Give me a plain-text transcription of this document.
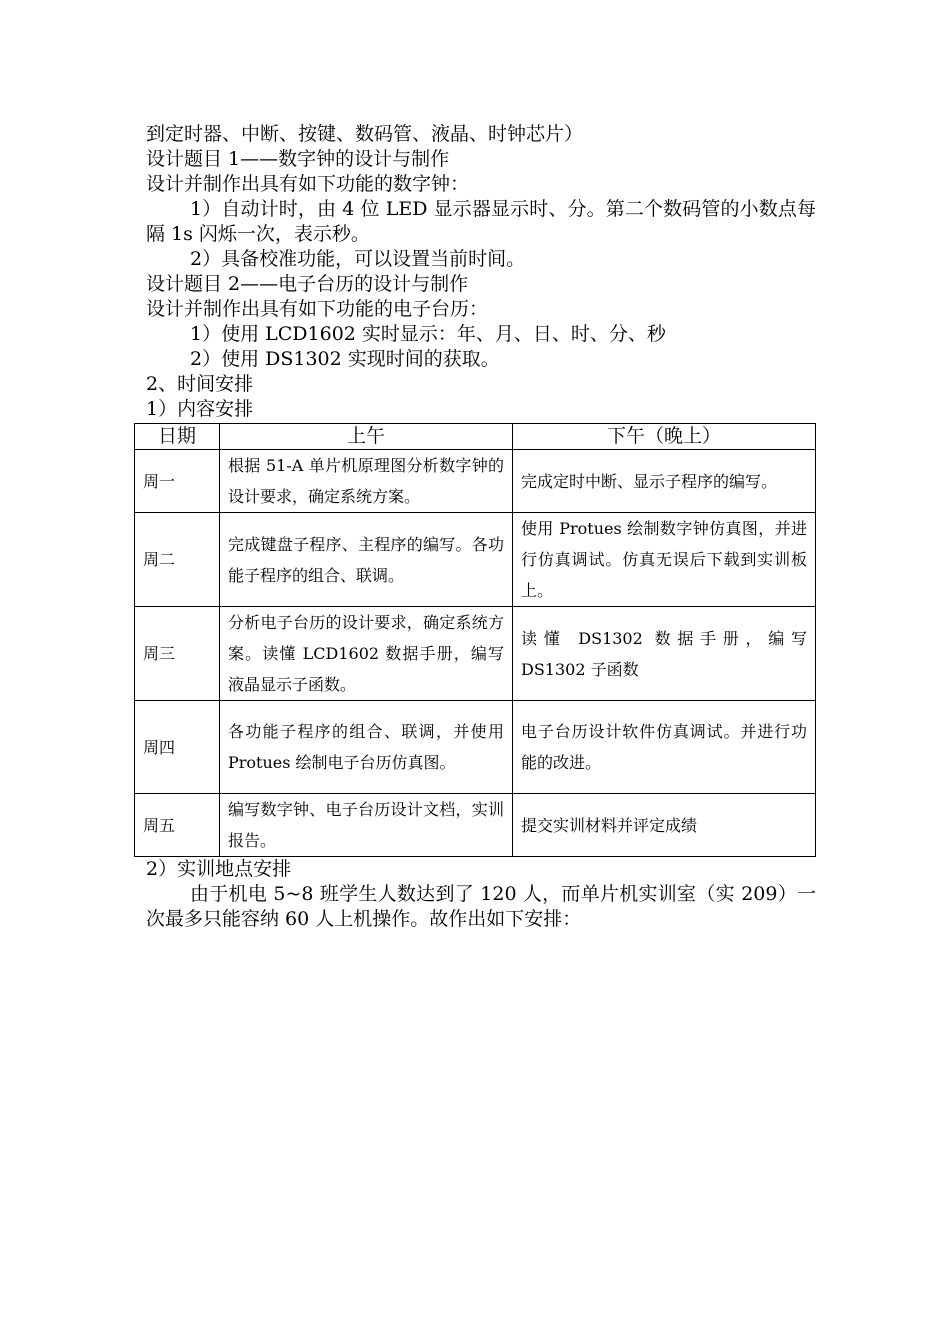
到定时器、中断、按键、数码管、液晶、时钟芯片）
设计题目 1——数字钟的设计与制作
设计并制作出具有如下功能的数字钟：
1）自动计时，由 4 位 LED 显示器显示时、分。第二个数码管的小数点每隔 1s 闪烁一次，表示秒。
2）具备校准功能，可以设置当前时间。
设计题目 2——电子台历的设计与制作
设计并制作出具有如下功能的电子台历：
1）使用 LCD1602 实时显示：年、月、日、时、分、秒
2）使用 DS1302 实现时间的获取。
2、时间安排
1）内容安排
日期	上午	下午（晚上）
周一	根据 51-A 单片机原理图分析数字钟的设计要求，确定系统方案。	完成定时中断、显示子程序的编写。
周二	完成键盘子程序、主程序的编写。各功能子程序的组合、联调。	使用 Protues 绘制数字钟仿真图，并进行仿真调试。仿真无误后下载到实训板上。
周三	分析电子台历的设计要求，确定系统方案。读懂 LCD1602 数据手册，编写液晶显示子函数。	读懂 DS1302 数据手册，编写 DS1302 子函数
周四	各功能子程序的组合、联调，并使用 Protues 绘制电子台历仿真图。	电子台历设计软件仿真调试。并进行功能的改进。
周五	编写数字钟、电子台历设计文档，实训报告。	提交实训材料并评定成绩
2）实训地点安排
由于机电 5~8 班学生人数达到了 120 人，而单片机实训室（实 209）一次最多只能容纳 60 人上机操作。故作出如下安排：
